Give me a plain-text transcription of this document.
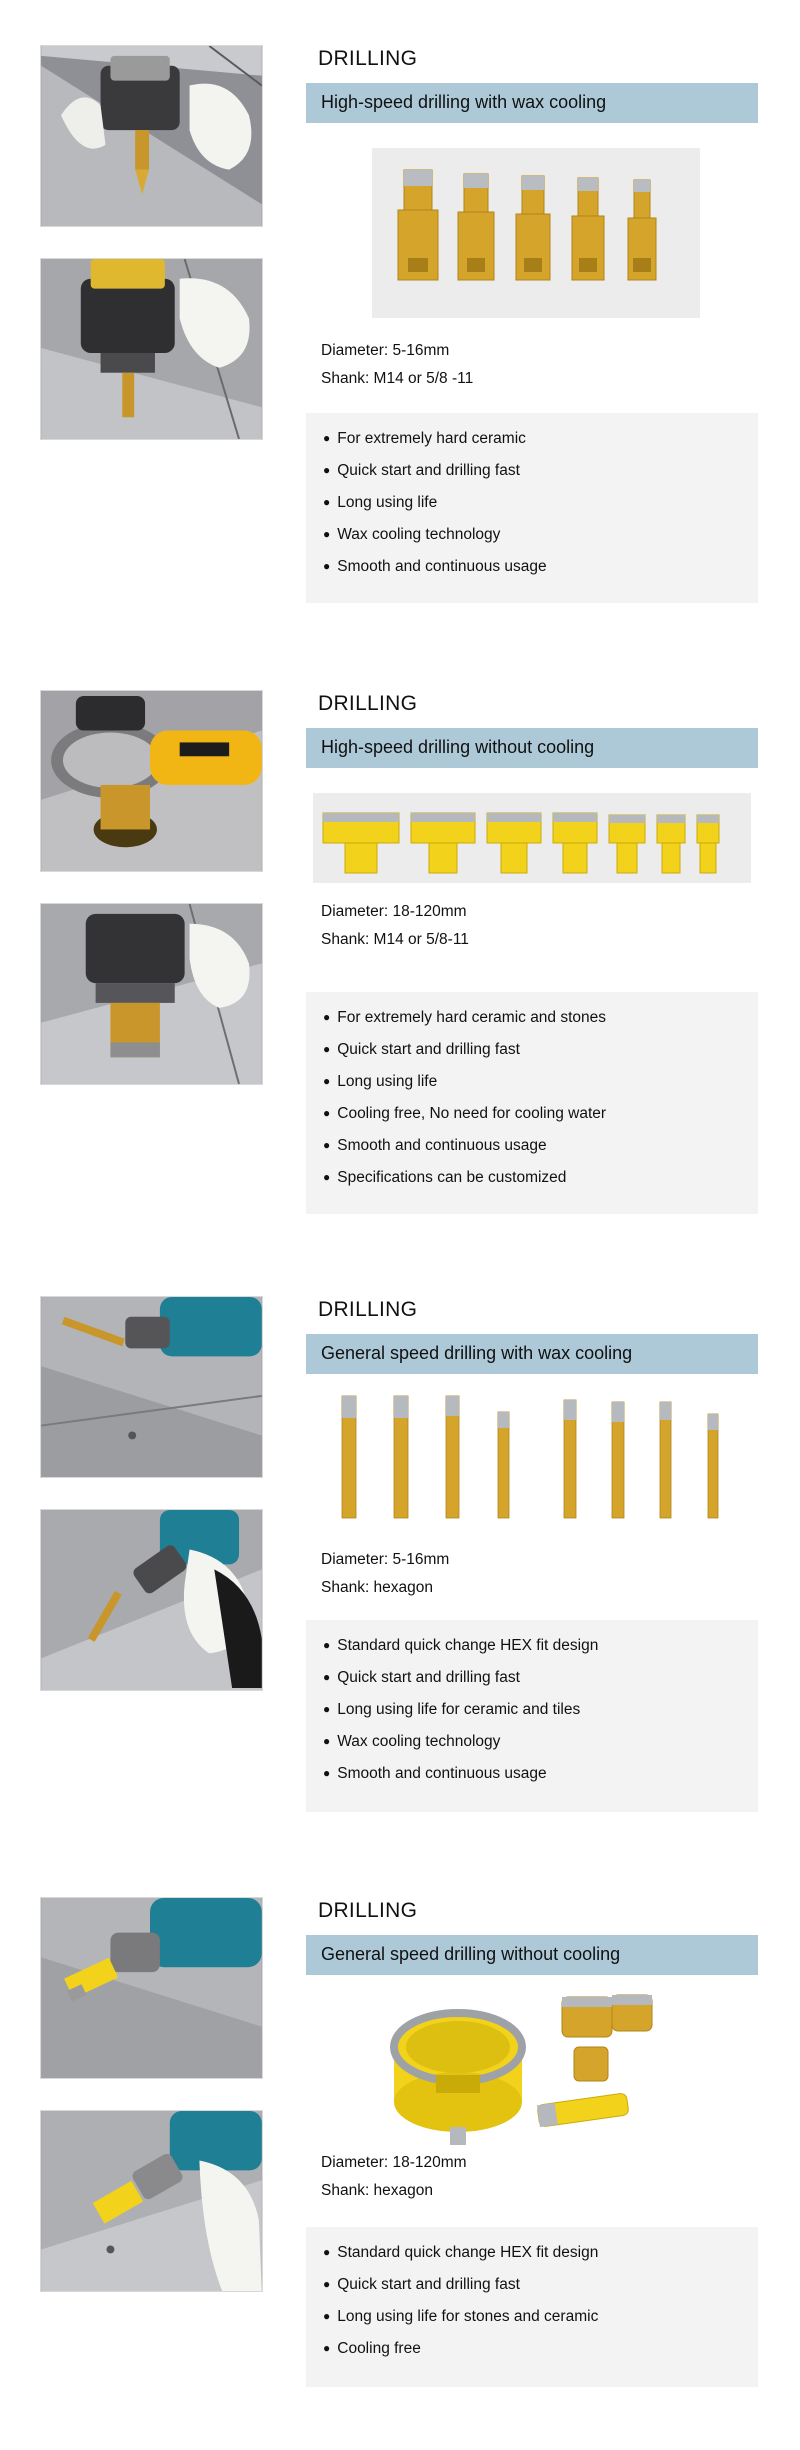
DRILLING
High-speed drilling with wax cooling
Diameter: 5-16mm
Shank: M14 or 5/8 -11
● For extremely hard ceramic
● Quick start and drilling fast
● Long using life
● Wax cooling technology
● Smooth and continuous usage
DRILLING
High-speed drilling without cooling
Diameter: 18-120mm
Shank: M14 or 5/8-11
● For extremely hard ceramic and stones
● Quick start and drilling fast
● Long using life
● Cooling free, No need for cooling water
● Smooth and continuous usage
● Specifications can be customized
DRILLING
General speed drilling with wax cooling
Diameter: 5-16mm
Shank: hexagon
● Standard quick change HEX fit design
● Quick start and drilling fast
● Long using life for ceramic and tiles
● Wax cooling technology
● Smooth and continuous usage
DRILLING
General speed drilling without cooling
Diameter: 18-120mm
Shank: hexagon
● Standard quick change HEX fit design
● Quick start and drilling fast
● Long using life for stones and ceramic
● Cooling free
